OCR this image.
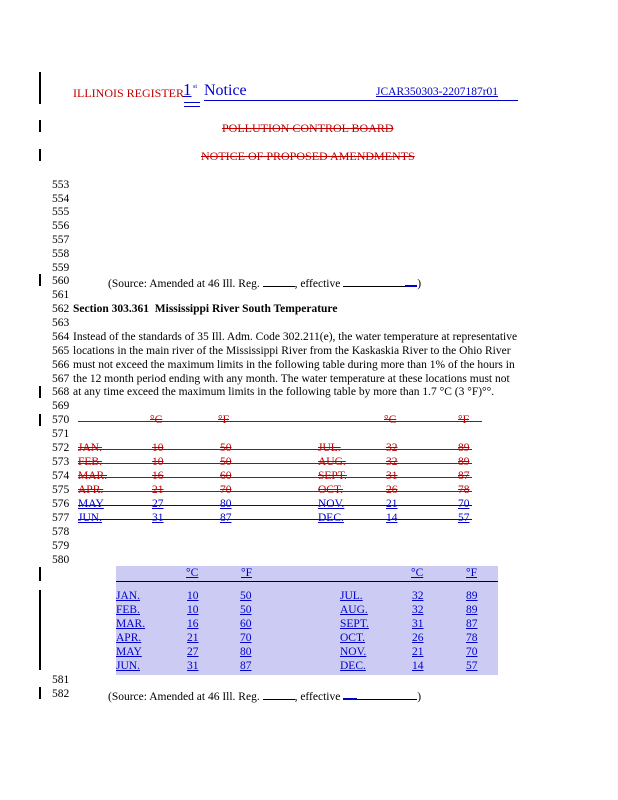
ILLINOIS REGISTER 1 st Notice	JCAR350303-2207187r01
POLLUTION CONTROL BOARD
NOTICE OF PROPOSED AMENDMENTS
553
554
555
556
557
558
559
560
561
562
563
564
565
566
567
568
569
570
571
572
573
574
575
576
577
578
579
580
581
582
(Source: Amended at 46 Ill. Reg.	, effective	)
Section 303.361 Mississippi River South Temperature
Instead of the standards of 35 Ill. Adm. Code 302.211(e), the water temperature at representative
locations in the main river of the Mississippi River from the Kaskaskia River to the Ohio River
must not exceed the maximum limits in the following table during more than 1% of the hours in
the 12 month period ending with any month. The water temperature at these locations must not
at any time exceed the maximum limits in the following table by more than 1.7 °C (3 °F)°°.
°C	°F	°C	°F
JAN.	10	50	JUL.	32	89
FEB.	10	50	AUG.	32	89
MAR.	16	60	SEPT.	31	87
APR.	21	70	OCT.	26	78
MAY	27	80	NOV.	21	70
JUN.	31	87	DEC.	14	57
°C	°F	°C	°F
JAN.	10	50	JUL.	32	89
FEB.	10	50	AUG.	32	89
MAR.	16	60	SEPT.	31	87
APR.	21	70	OCT.	26	78
MAY	27	80	NOV.	21	70
JUN.	31	87	DEC.	14	57
(Source: Amended at 46 Ill. Reg.	, effective	)
